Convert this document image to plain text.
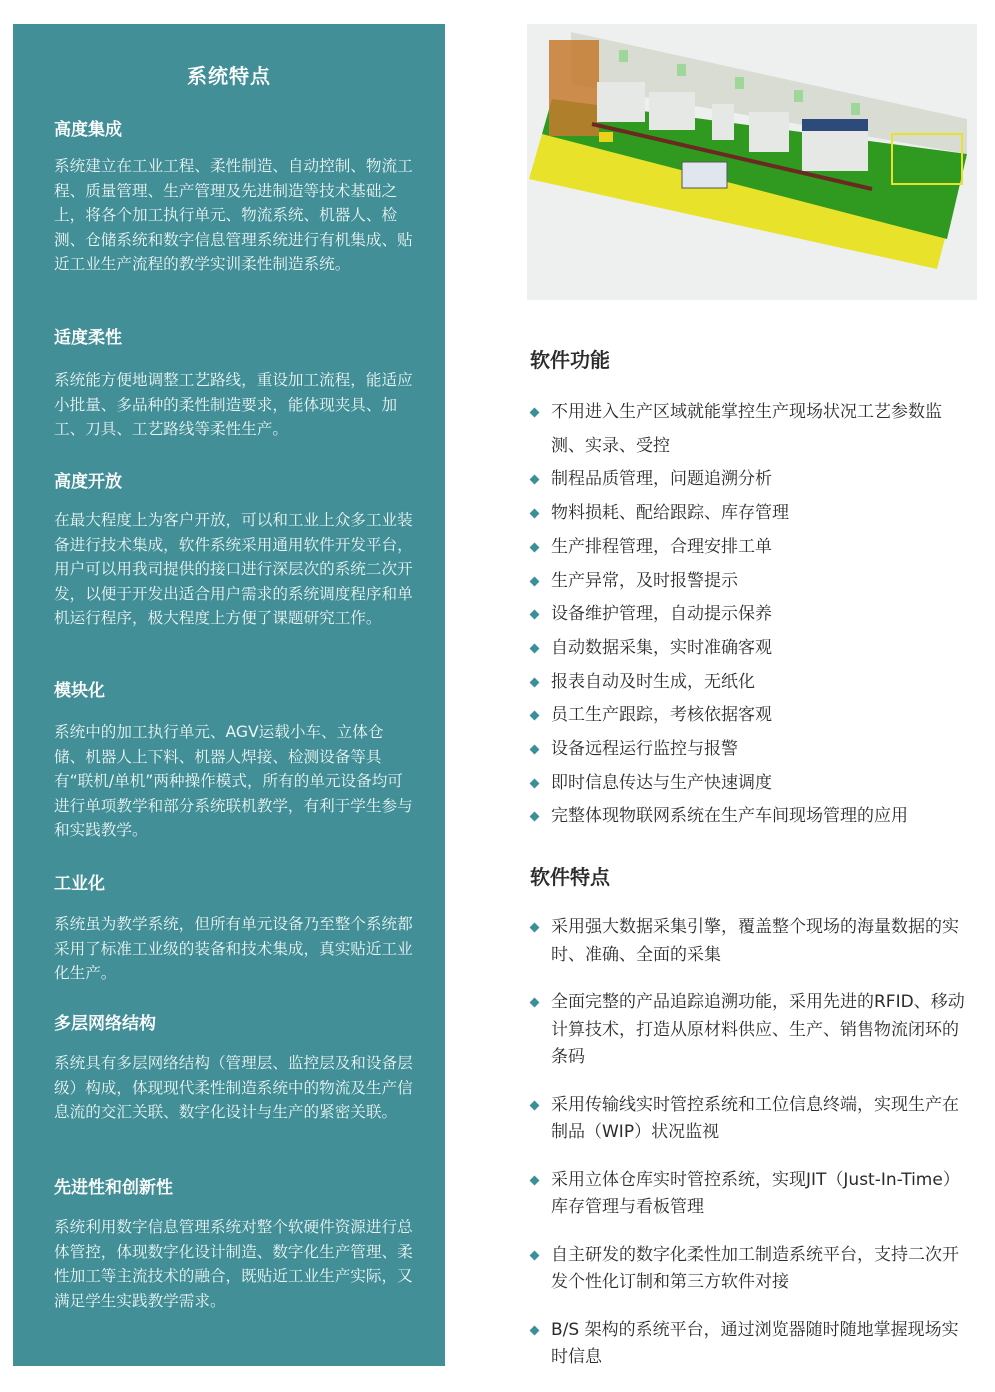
系统特点
高度集成

系统建立在工业工程、柔性制造、自动控制、物流工程、质量管理、生产管理及先进制造等技术基础之上，将各个加工执行单元、物流系统、机器人、检测、仓储系统和数字信息管理系统进行有机集成、贴近工业生产流程的教学实训柔性制造系统。

适度柔性

系统能方便地调整工艺路线，重设加工流程，能适应小批量、多品种的柔性制造要求，能体现夹具、加工、刀具、工艺路线等柔性生产。

高度开放

在最大程度上为客户开放，可以和工业上众多工业装备进行技术集成，软件系统采用通用软件开发平台，用户可以用我司提供的接口进行深层次的系统二次开发，以便于开发出适合用户需求的系统调度程序和单机运行程序，极大程度上方便了课题研究工作。

模块化

系统中的加工执行单元、AGV运载小车、立体仓储、机器人上下料、机器人焊接、检测设备等具有“联机/单机”两种操作模式，所有的单元设备均可进行单项教学和部分系统联机教学，有利于学生参与和实践教学。

工业化

系统虽为教学系统，但所有单元设备乃至整个系统都采用了标准工业级的装备和技术集成，真实贴近工业化生产。

多层网络结构

系统具有多层网络结构（管理层、监控层及和设备层级）构成，体现现代柔性制造系统中的物流及生产信息流的交汇关联、数字化设计与生产的紧密关联。

先进性和创新性

系统利用数字信息管理系统对整个软硬件资源进行总体管控，体现数字化设计制造、数字化生产管理、柔性加工等主流技术的融合，既贴近工业生产实际，又满足学生实践教学需求。

软件功能
不用进入生产区域就能掌控生产现场状况工艺参数监测、实录、受控
制程品质管理，问题追溯分析
物料损耗、配给跟踪、库存管理
生产排程管理，合理安排工单
生产异常，及时报警提示
设备维护管理，自动提示保养
自动数据采集，实时准确客观
报表自动及时生成，无纸化
员工生产跟踪，考核依据客观
设备远程运行监控与报警
即时信息传达与生产快速调度
完整体现物联网系统在生产车间现场管理的应用
软件特点
采用强大数据采集引擎，覆盖整个现场的海量数据的实时、准确、全面的采集
全面完整的产品追踪追溯功能，采用先进的RFID、移动计算技术，打造从原材料供应、生产、销售物流闭环的条码
采用传输线实时管控系统和工位信息终端，实现生产在制品（WIP）状况监视
采用立体仓库实时管控系统，实现JIT（Just-In-Time）库存管理与看板管理
自主研发的数字化柔性加工制造系统平台，支持二次开发个性化订制和第三方软件对接
B/S 架构的系统平台，通过浏览器随时随地掌握现场实时信息
